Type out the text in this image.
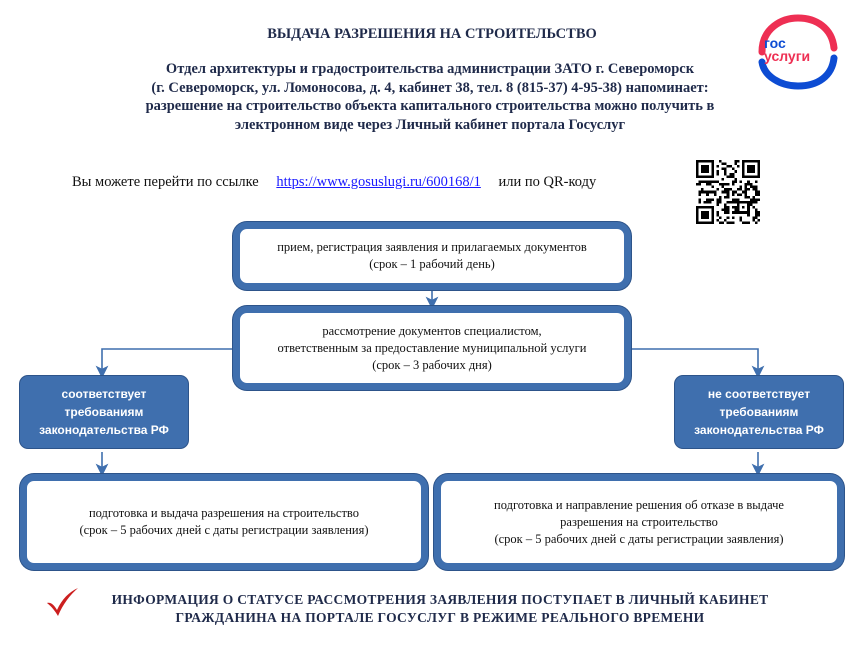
ВЫДАЧА РАЗРЕШЕНИЯ НА СТРОИТЕЛЬСТВО
Отдел архитектуры и градостроительства администрации ЗАТО г. Североморск
(г. Североморск, ул. Ломоносова, д. 4, кабинет 38, тел. 8 (815-37) 4-95-38) напоминает:
разрешение на строительство объекта капитального строительства можно получить в
электронном виде через Личный кабинет портала Госуслуг
гос
услуги
Вы можете перейти по ссылке https://www.gosuslugi.ru/600168/1 или по QR-коду
прием, регистрация заявления и прилагаемых документов
(срок – 1 рабочий день)
рассмотрение документов специалистом,
ответственным за предоставление муниципальной услуги
(срок – 3 рабочих дня)
соответствует
требованиям
законодательства РФ
не соответствует
требованиям
законодательства РФ
подготовка и выдача разрешения на строительство
(срок – 5 рабочих дней с даты регистрации заявления)
подготовка и направление решения об отказе в выдаче
разрешения на строительство
(срок – 5 рабочих дней с даты регистрации заявления)
ИНФОРМАЦИЯ О СТАТУСЕ РАССМОТРЕНИЯ ЗАЯВЛЕНИЯ ПОСТУПАЕТ В ЛИЧНЫЙ КАБИНЕТ
ГРАЖДАНИНА НА ПОРТАЛЕ ГОСУСЛУГ В РЕЖИМЕ РЕАЛЬНОГО ВРЕМЕНИ
